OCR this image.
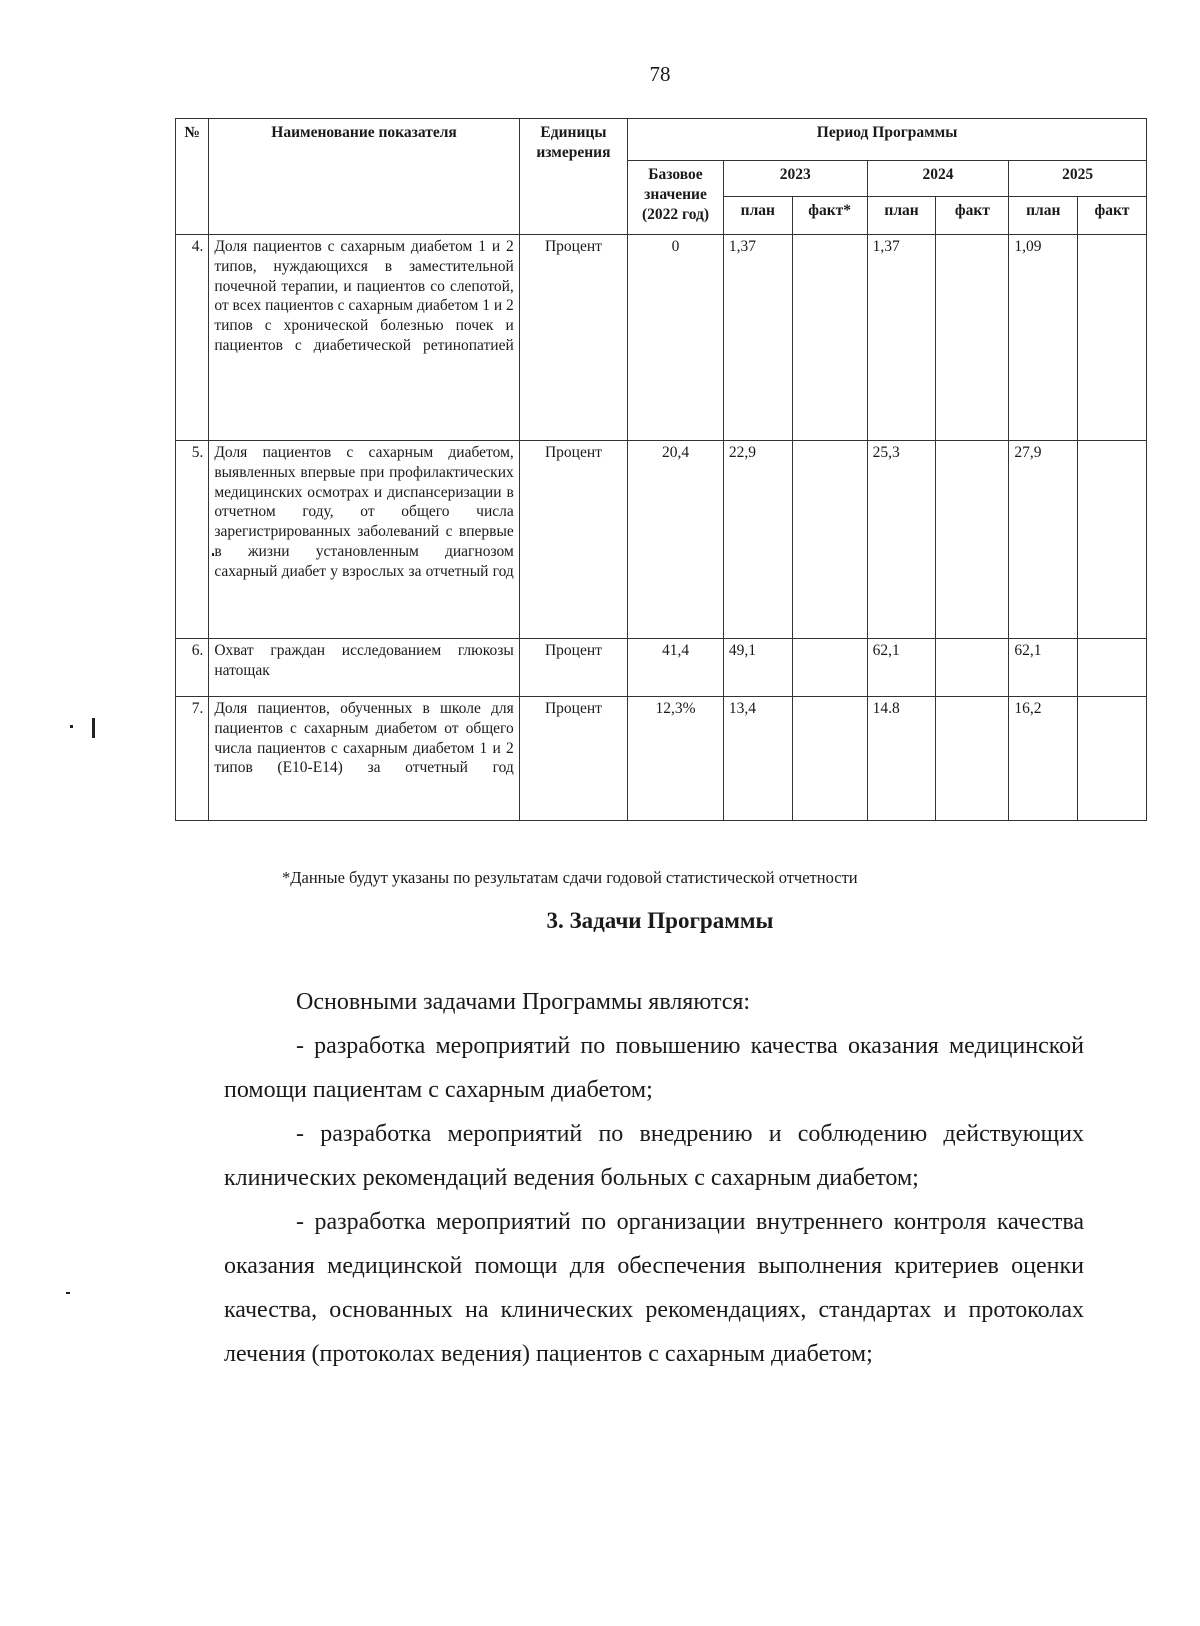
78
№	Наименование показателя	Единицы измерения	Период Программы						
			Базовое значение (2022 год)	2023		2024		2025	
				план	факт*	план	факт	план	факт
4.	Доля пациентов с сахарным диабетом 1 и 2 типов, нуждающихся в заместительной почечной терапии, и пациентов со слепотой, от всех пациентов с сахарным диабетом 1 и 2 типов с хронической болезнью почек и пациентов с диабетической ретинопатией	Процент	0	1,37		1,37		1,09	
5.	Доля пациентов с сахарным диабетом, выявленных впервые при профилактических медицинских осмотрах и диспансеризации в отчетном году, от общего числа зарегистрированных заболеваний с впервые в жизни установленным диагнозом сахарный диабет у взрослых за отчетный год	Процент	20,4	22,9		25,3		27,9	
6.	Охват граждан исследованием глюкозы натощак	Процент	41,4	49,1		62,1		62,1	
7.	Доля пациентов, обученных в школе для пациентов с сахарным диабетом от общего числа пациентов с сахарным диабетом 1 и 2 типов (Е10-Е14) за отчетный год	Процент	12,3%	13,4		14.8		16,2	
*Данные будут указаны по результатам сдачи годовой статистической отчетности
3. Задачи Программы

Основными задачами Программы являются:

- разработка мероприятий по повышению качества оказания медицинской помощи пациентам с сахарным диабетом;

- разработка мероприятий по внедрению и соблюдению действующих клинических рекомендаций ведения больных с сахарным диабетом;

- разработка мероприятий по организации внутреннего контроля качества оказания медицинской помощи для обеспечения выполнения критериев оценки качества, основанных на клинических рекомендациях, стандартах и протоколах лечения (протоколах ведения) пациентов с сахарным диабетом;
